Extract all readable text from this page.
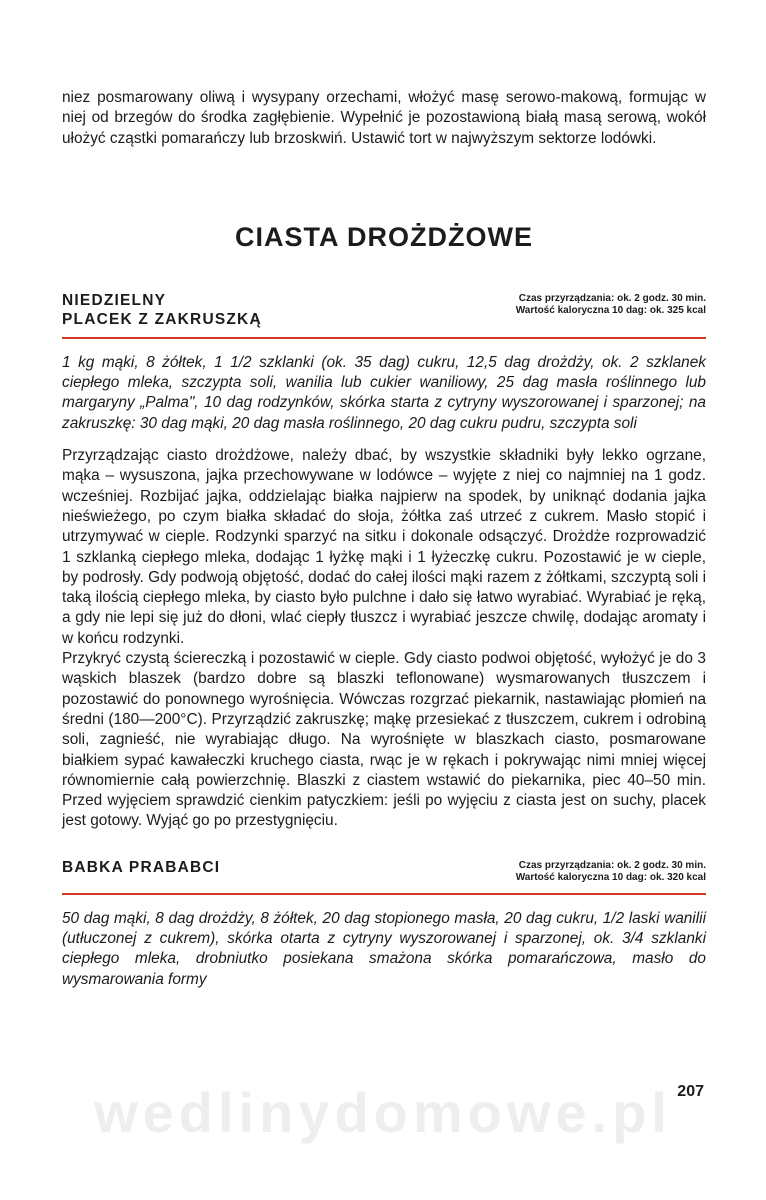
niez posmarowany oliwą i wysypany orzechami, włożyć masę serowo-makową, formując w niej od brzegów do środka zagłębienie. Wypełnić je pozostawioną białą masą serową, wokół ułożyć cząstki pomarańczy lub brzoskwiń. Ustawić tort w najwyższym sektorze lodówki.

CIASTA DROŻDŻOWE
NIEDZIELNY
PLACEK Z ZAKRUSZKĄ
Czas przyrządzania: ok. 2 godz. 30 min.
Wartość kaloryczna 10 dag: ok. 325 kcal

1 kg mąki, 8 żółtek, 1 1/2 szklanki (ok. 35 dag) cukru, 12,5 dag drożdży, ok. 2 szklanek ciepłego mleka, szczypta soli, wanilia lub cukier waniliowy, 25 dag masła roślinnego lub margaryny „Palma", 10 dag rodzynków, skórka starta z cytryny wyszorowanej i sparzonej; na zakruszkę: 30 dag mąki, 20 dag masła roślinnego, 20 dag cukru pudru, szczypta soli

Przyrządzając ciasto drożdżowe, należy dbać, by wszystkie składniki były lekko ogrzane, mąka – wysuszona, jajka przechowywane w lodówce – wyjęte z niej co najmniej na 1 godz. wcześniej. Rozbijać jajka, oddzielając białka najpierw na spodek, by uniknąć dodania jajka nieświeżego, po czym białka składać do słoja, żółtka zaś utrzeć z cukrem. Masło stopić i utrzymywać w cieple. Rodzynki sparzyć na sitku i dokonale odsączyć. Drożdże rozprowadzić 1 szklanką ciepłego mleka, dodając 1 łyżkę mąki i 1 łyżeczkę cukru. Pozostawić je w cieple, by podrosły. Gdy podwoją objętość, dodać do całej ilości mąki razem z żółtkami, szczyptą soli i taką ilością ciepłego mleka, by ciasto było pulchne i dało się łatwo wyrabiać. Wyrabiać je ręką, a gdy nie lepi się już do dłoni, wlać ciepły tłuszcz i wyrabiać jeszcze chwilę, dodając aromaty i w końcu rodzynki.

Przykryć czystą ściereczką i pozostawić w cieple. Gdy ciasto podwoi objętość, wyłożyć je do 3 wąskich blaszek (bardzo dobre są blaszki teflonowane) wysmarowanych tłuszczem i pozostawić do ponownego wyrośnięcia. Wówczas rozgrzać piekarnik, nastawiając płomień na średni (180—200°C). Przyrządzić zakruszkę; mąkę przesiekać z tłuszczem, cukrem i odrobiną soli, zagnieść, nie wyrabiając długo. Na wyrośnięte w blaszkach ciasto, posmarowane białkiem sypać kawałeczki kruchego ciasta, rwąc je w rękach i pokrywając nimi mniej więcej równomiernie całą powierzchnię. Blaszki z ciastem wstawić do piekarnika, piec 40–50 min. Przed wyjęciem sprawdzić cienkim patyczkiem: jeśli po wyjęciu z ciasta jest on suchy, placek jest gotowy. Wyjąć go po przestygnięciu.

BABKA PRABABCI	Czas przyrządzania: ok. 2 godz. 30 min.
Wartość kaloryczna 10 dag: ok. 320 kcal

50 dag mąki, 8 dag drożdży, 8 żółtek, 20 dag stopionego masła, 20 dag cukru, 1/2 laski wanilii (utłuczonej z cukrem), skórka otarta z cytryny wyszorowanej i sparzonej, ok. 3/4 szklanki ciepłego mleka, drobniutko posiekana smażona skórka pomarańczowa, masło do wysmarowania formy

wedlinydomowe.pl 207
